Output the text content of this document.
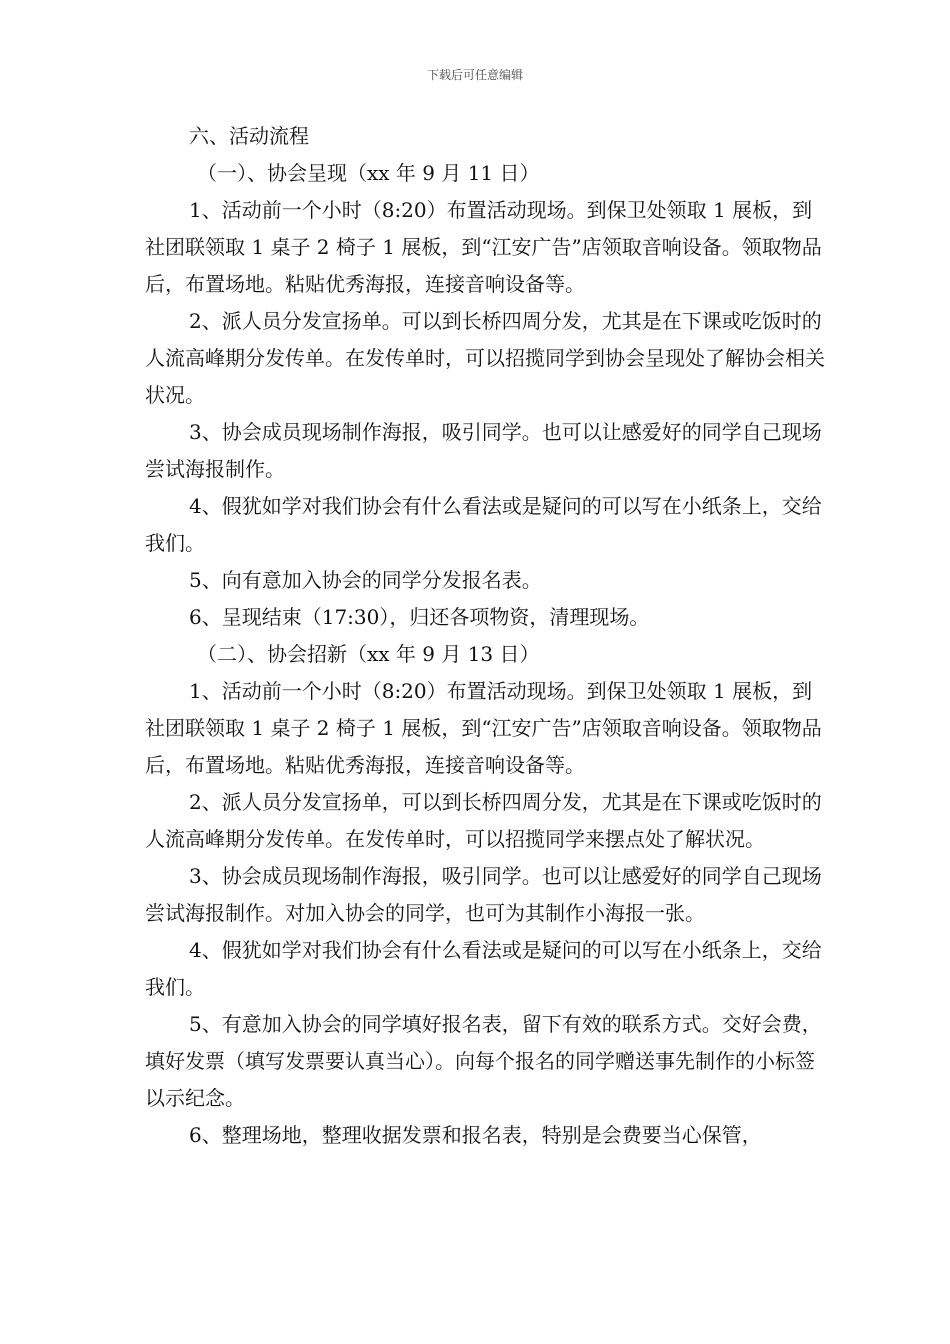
下载后可任意编辑

六、活动流程

（一）、协会呈现（xx 年 9 月 11 日）

1、活动前一个小时（8:20）布置活动现场。到保卫处领取 1 展板，到社团联领取 1 桌子 2 椅子 1 展板，到“江安广告”店领取音响设备。领取物品后，布置场地。粘贴优秀海报，连接音响设备等。

2、派人员分发宣扬单。可以到长桥四周分发，尤其是在下课或吃饭时的人流高峰期分发传单。在发传单时，可以招揽同学到协会呈现处了解协会相关状况。

3、协会成员现场制作海报，吸引同学。也可以让感爱好的同学自己现场尝试海报制作。

4、假犹如学对我们协会有什么看法或是疑问的可以写在小纸条上，交给我们。

5、向有意加入协会的同学分发报名表。

6、呈现结束（17:30），归还各项物资，清理现场。

（二）、协会招新（xx 年 9 月 13 日）

1、活动前一个小时（8:20）布置活动现场。到保卫处领取 1 展板，到社团联领取 1 桌子 2 椅子 1 展板，到“江安广告”店领取音响设备。领取物品后，布置场地。粘贴优秀海报，连接音响设备等。

2、派人员分发宣扬单，可以到长桥四周分发，尤其是在下课或吃饭时的人流高峰期分发传单。在发传单时，可以招揽同学来摆点处了解状况。

3、协会成员现场制作海报，吸引同学。也可以让感爱好的同学自己现场尝试海报制作。对加入协会的同学，也可为其制作小海报一张。

4、假犹如学对我们协会有什么看法或是疑问的可以写在小纸条上，交给我们。

5、有意加入协会的同学填好报名表，留下有效的联系方式。交好会费，填好发票（填写发票要认真当心）。向每个报名的同学赠送事先制作的小标签以示纪念。

6、整理场地，整理收据发票和报名表，特别是会费要当心保管，
